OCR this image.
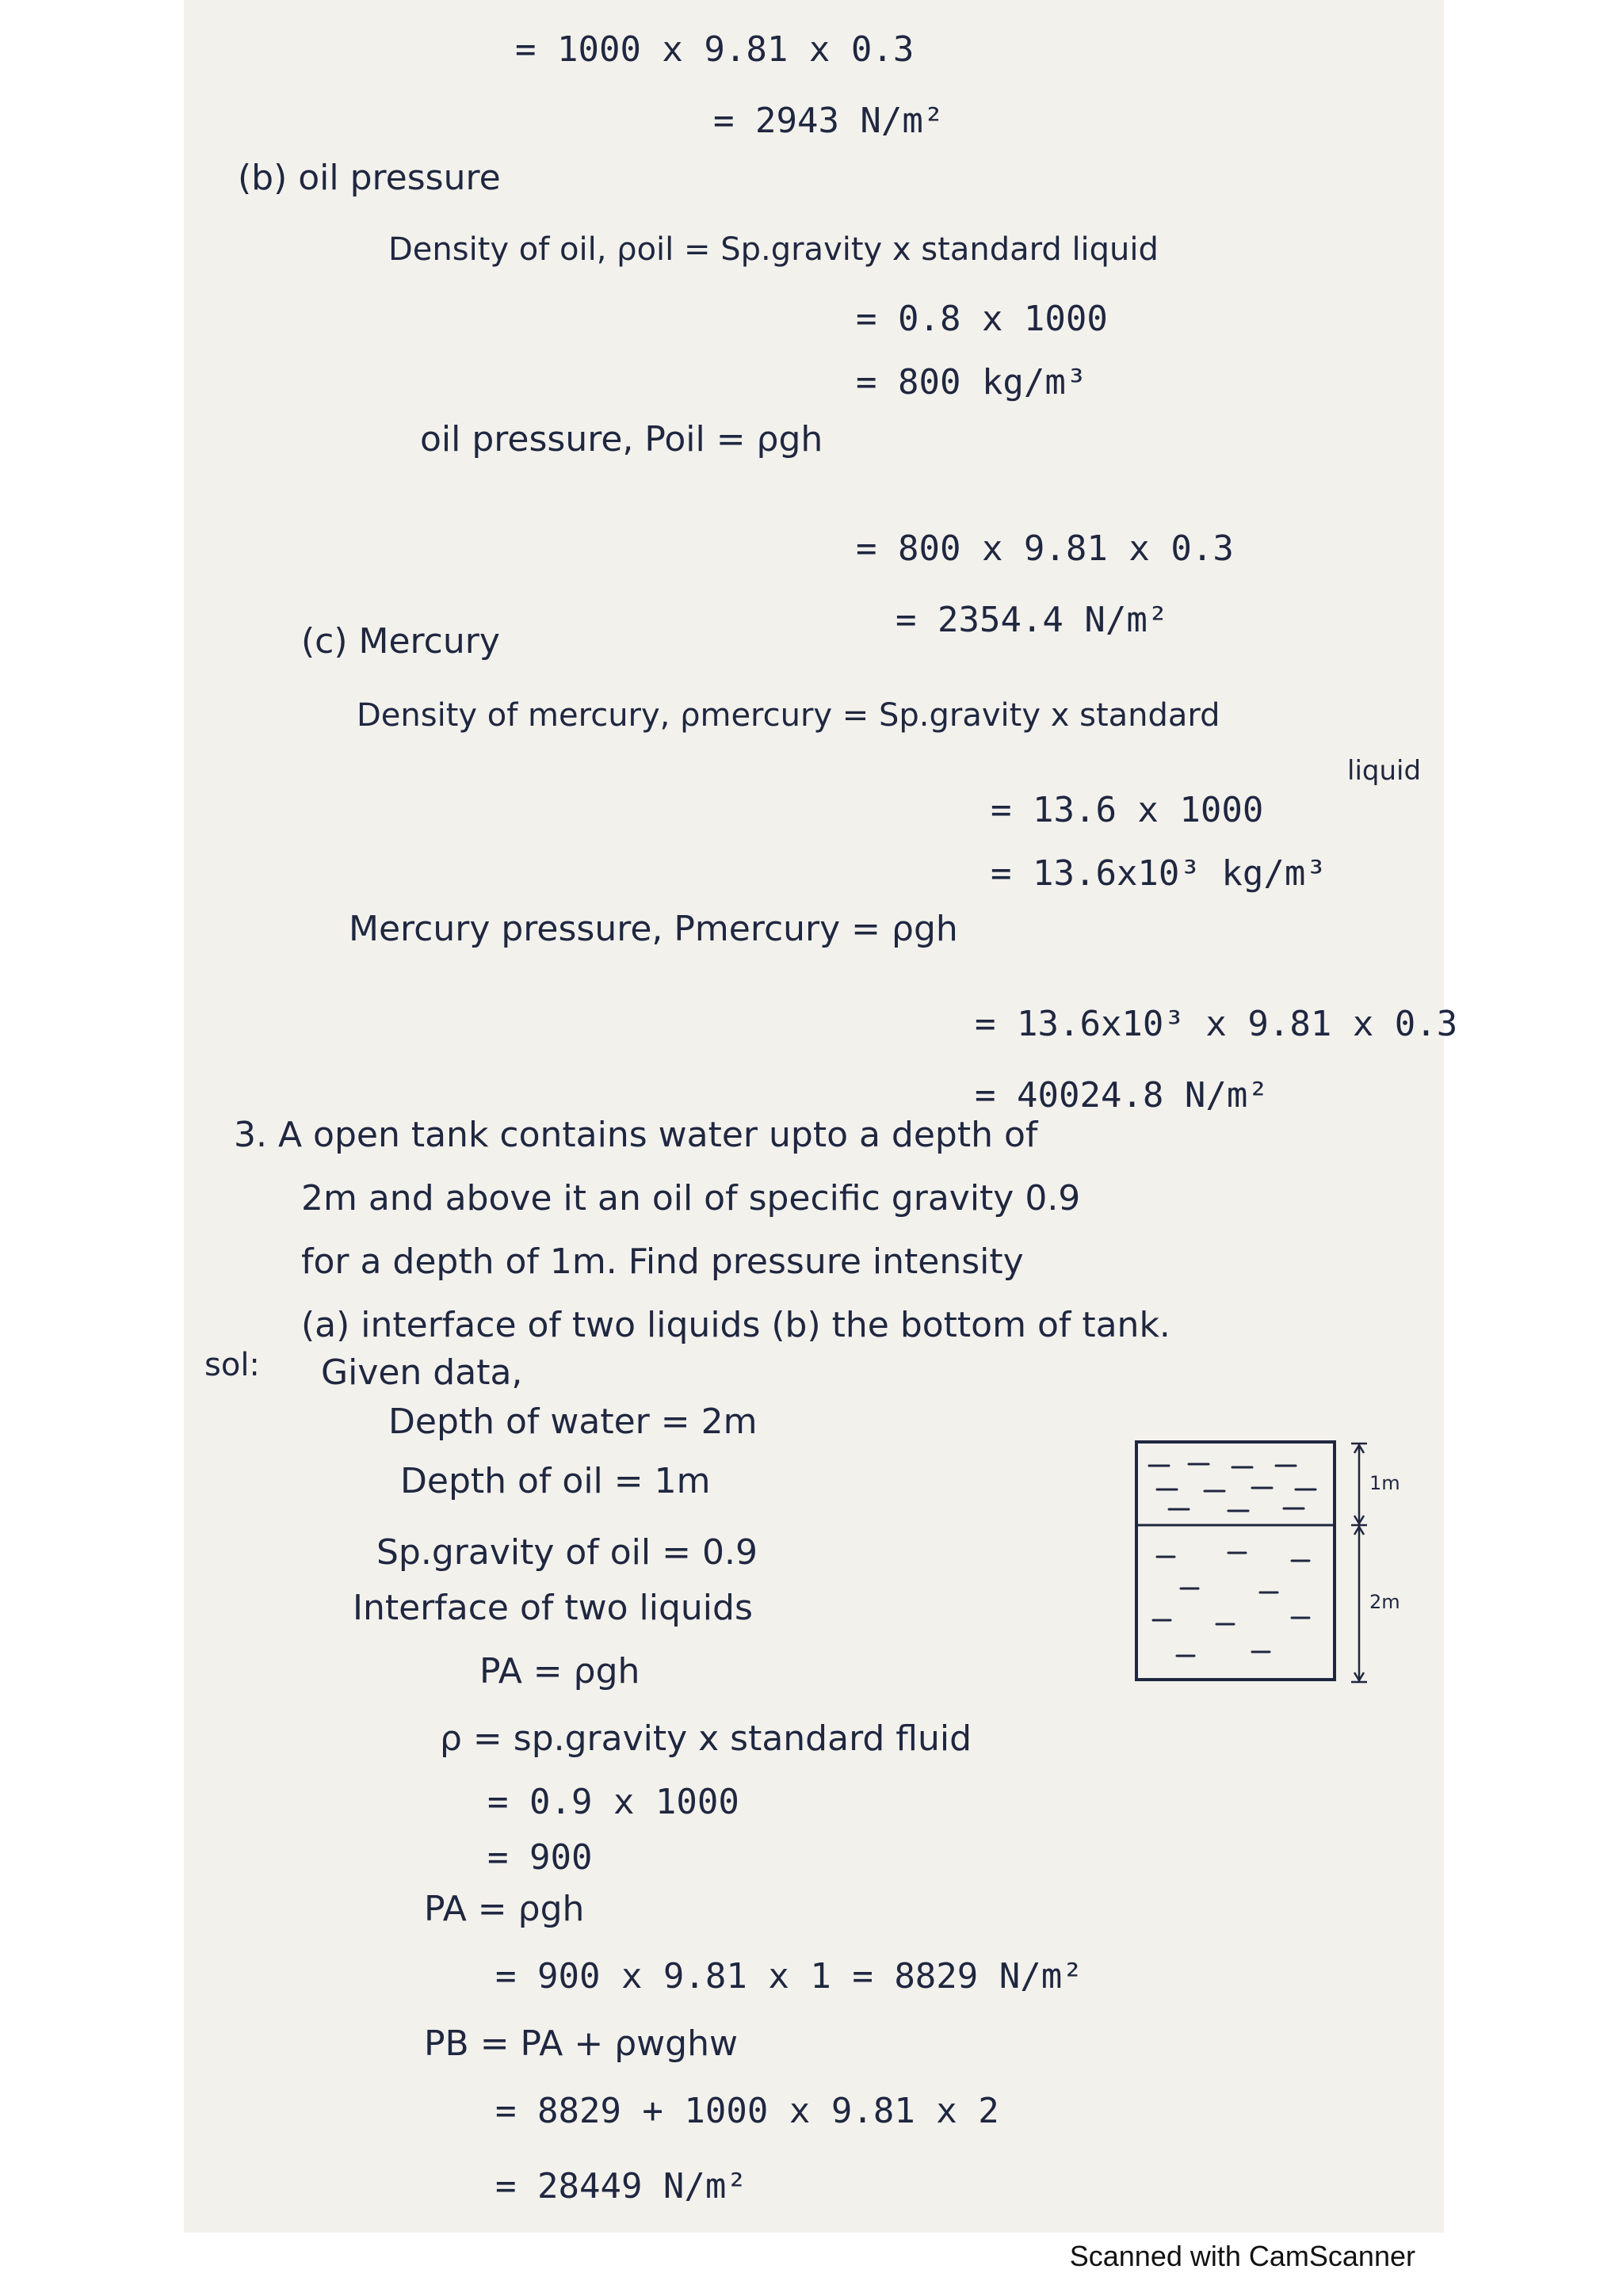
= 1000 x 9.81 x 0.3
= 2943 N/m²
(b) oil pressure
Density of oil, ρoil = Sp.gravity x standard liquid
= 0.8 x 1000
= 800 kg/m³
oil pressure, Poil = ρgh
= 800 x 9.81 x 0.3
= 2354.4 N/m²
(c) Mercury
Density of mercury, ρmercury = Sp.gravity x standard
liquid
= 13.6 x 1000
= 13.6x10³ kg/m³
Mercury pressure, Pmercury = ρgh
= 13.6x10³ x 9.81 x 0.3
= 40024.8 N/m²
3. A open tank contains water upto a depth of
2m and above it an oil of specific gravity 0.9
for a depth of 1m. Find pressure intensity
(a) interface of two liquids (b) the bottom of tank.
sol: Given data,
Depth of water = 2m
Depth of oil = 1m
Sp.gravity of oil = 0.9
Interface of two liquids
PA = ρgh
ρ = sp.gravity x standard fluid
= 0.9 x 1000
= 900
PA = ρgh
= 900 x 9.81 x 1 = 8829 N/m²
PB = PA + ρwghw
= 8829 + 1000 x 9.81 x 2
= 28449 N/m²
1m
2m
Scanned with CamScanner
